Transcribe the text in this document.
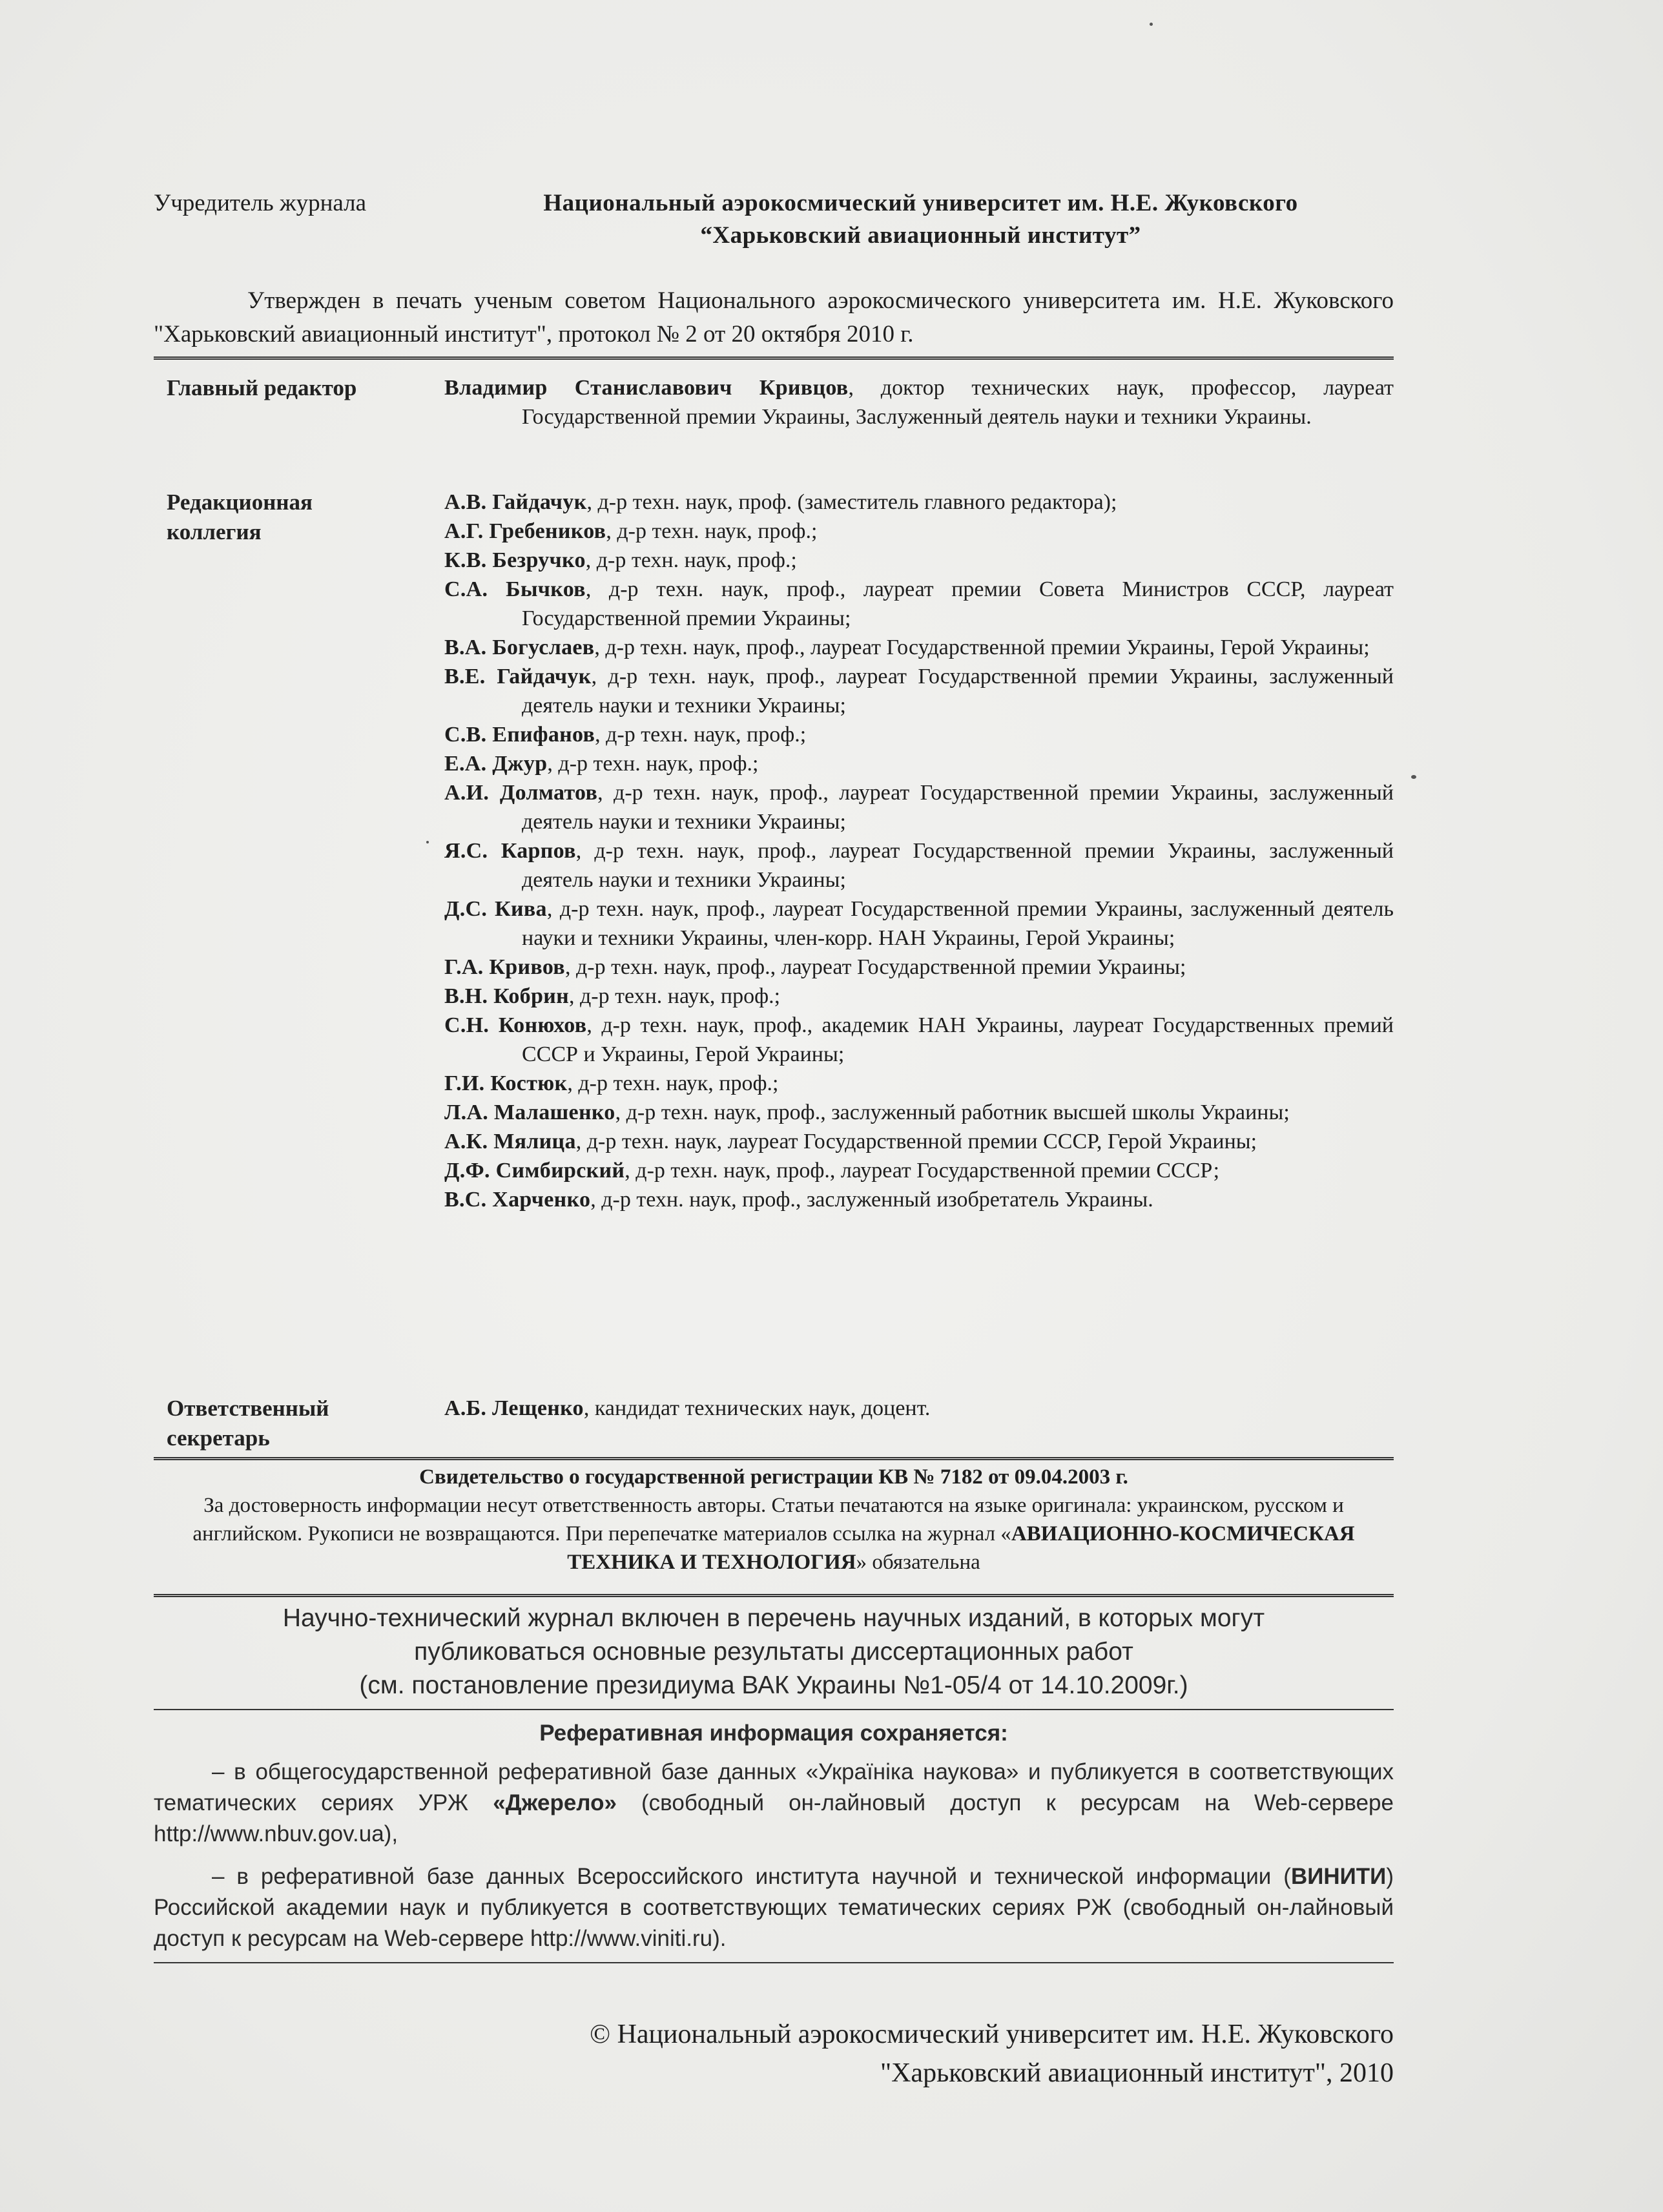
Учредитель журнала	Национальный аэрокосмический университет им. Н.Е. Жуковского
“Харьковский авиационный институт”
Утвержден в печать ученым советом Национального аэрокосмического университета им. Н.Е. Жуковского "Харьковский авиационный институт", протокол № 2 от 20 октября 2010 г.
Главный редактор	Владимир Станиславович Кривцов, доктор технических наук, профессор, лауреат Государственной премии Украины, Заслуженный деятель науки и техники Украины.
Редакционная коллегия
А.В. Гайдачук, д-р техн. наук, проф. (заместитель главного редактора);
А.Г. Гребеников, д-р техн. наук, проф.;
К.В. Безручко, д-р техн. наук, проф.;
С.А. Бычков, д-р техн. наук, проф., лауреат премии Совета Министров СССР, лауреат Государственной премии Украины;
В.А. Богуслаев, д-р техн. наук, проф., лауреат Государственной премии Украины, Герой Украины;
В.Е. Гайдачук, д-р техн. наук, проф., лауреат Государственной премии Украины, заслуженный деятель науки и техники Украины;
С.В. Епифанов, д-р техн. наук, проф.;
Е.А. Джур, д-р техн. наук, проф.;
А.И. Долматов, д-р техн. наук, проф., лауреат Государственной премии Украины, заслуженный деятель науки и техники Украины;
Я.С. Карпов, д-р техн. наук, проф., лауреат Государственной премии Украины, заслуженный деятель науки и техники Украины;
Д.С. Кива, д-р техн. наук, проф., лауреат Государственной премии Украины, заслуженный деятель науки и техники Украины, член-корр. НАН Украины, Герой Украины;
Г.А. Кривов, д-р техн. наук, проф., лауреат Государственной премии Украины;
В.Н. Кобрин, д-р техн. наук, проф.;
С.Н. Конюхов, д-р техн. наук, проф., академик НАН Украины, лауреат Государственных премий СССР и Украины, Герой Украины;
Г.И. Костюк, д-р техн. наук, проф.;
Л.А. Малашенко, д-р техн. наук, проф., заслуженный работник высшей школы Украины;
А.К. Мялица, д-р техн. наук, лауреат Государственной премии СССР, Герой Украины;
Д.Ф. Симбирский, д-р техн. наук, проф., лауреат Государственной премии СССР;
В.С. Харченко, д-р техн. наук, проф., заслуженный изобретатель Украины.
Ответственный секретарь
А.Б. Лещенко, кандидат технических наук, доцент.
Свидетельство о государственной регистрации КВ № 7182 от 09.04.2003 г.
За достоверность информации несут ответственность авторы. Статьи печатаются на языке оригинала: украинском, русском и английском. Рукописи не возвращаются. При перепечатке материалов ссылка на журнал «АВИАЦИОННО-КОСМИЧЕСКАЯ ТЕХНИКА И ТЕХНОЛОГИЯ» обязательна
Научно-технический журнал включен в перечень научных изданий, в которых могут
публиковаться основные результаты диссертационных работ
(см. постановление президиума ВАК Украины №1-05/4 от 14.10.2009г.)
Реферативная информация сохраняется:

– в общегосударственной реферативной базе данных «Україніка наукова» и публикуется в соответствующих тематических сериях УРЖ «Джерело» (свободный он-лайновый доступ к ресурсам на Web-сервере http://www.nbuv.gov.ua),

– в реферативной базе данных Всероссийского института научной и технической информации (ВИНИТИ) Российской академии наук и публикуется в соответствующих тематических сериях РЖ (свободный он-лайновый доступ к ресурсам на Web-сервере http://www.viniti.ru).

© Национальный аэрокосмический университет им. Н.Е. Жуковского
"Харьковский авиационный институт", 2010
